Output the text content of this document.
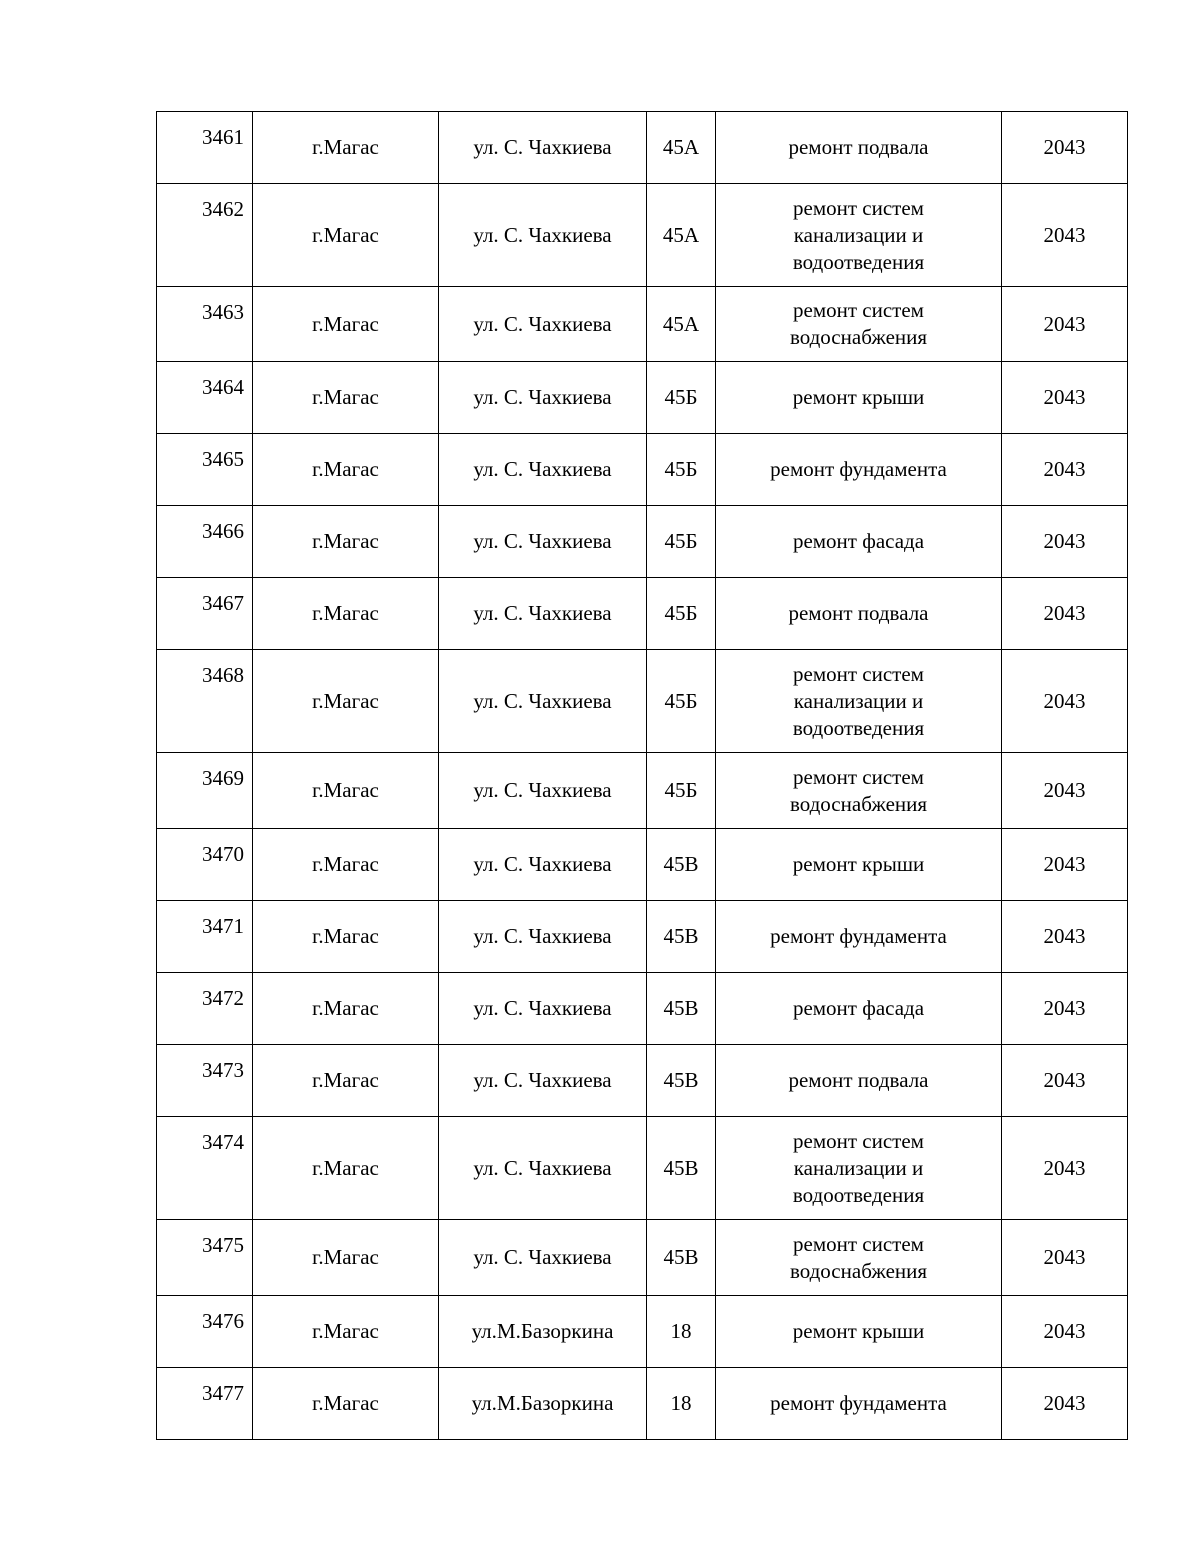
3461	г.Магас	ул. С. Чахкиева	45А	ремонт подвала	2043
3462	г.Магас	ул. С. Чахкиева	45А	ремонт систем
канализации и
водоотведения	2043
3463	г.Магас	ул. С. Чахкиева	45А	ремонт систем
водоснабжения	2043
3464	г.Магас	ул. С. Чахкиева	45Б	ремонт крыши	2043
3465	г.Магас	ул. С. Чахкиева	45Б	ремонт фундамента	2043
3466	г.Магас	ул. С. Чахкиева	45Б	ремонт фасада	2043
3467	г.Магас	ул. С. Чахкиева	45Б	ремонт подвала	2043
3468	г.Магас	ул. С. Чахкиева	45Б	ремонт систем
канализации и
водоотведения	2043
3469	г.Магас	ул. С. Чахкиева	45Б	ремонт систем
водоснабжения	2043
3470	г.Магас	ул. С. Чахкиева	45В	ремонт крыши	2043
3471	г.Магас	ул. С. Чахкиева	45В	ремонт фундамента	2043
3472	г.Магас	ул. С. Чахкиева	45В	ремонт фасада	2043
3473	г.Магас	ул. С. Чахкиева	45В	ремонт подвала	2043
3474	г.Магас	ул. С. Чахкиева	45В	ремонт систем
канализации и
водоотведения	2043
3475	г.Магас	ул. С. Чахкиева	45В	ремонт систем
водоснабжения	2043
3476	г.Магас	ул.М.Базоркина	18	ремонт крыши	2043
3477	г.Магас	ул.М.Базоркина	18	ремонт фундамента	2043
